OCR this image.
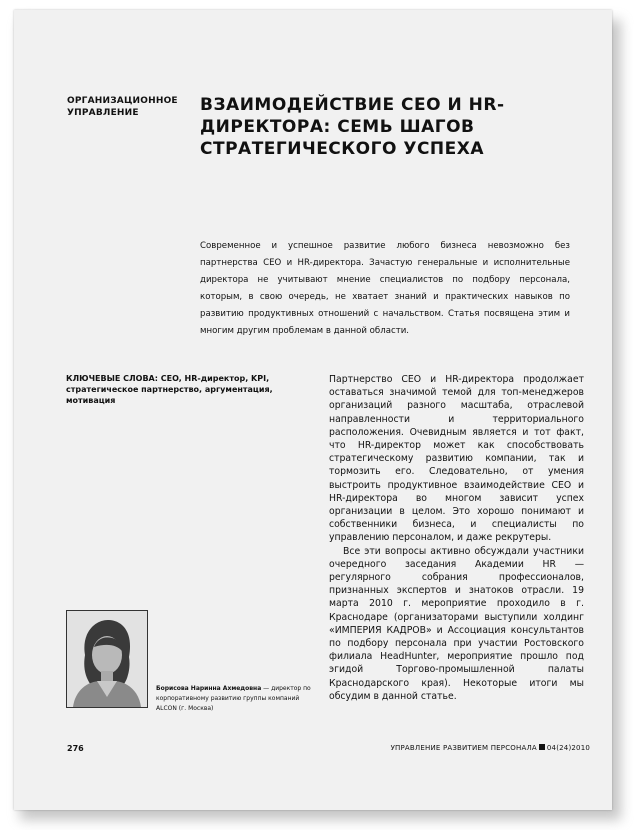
ОРГАНИЗАЦИОННОЕ УПРАВЛЕНИЕ	ВЗАИМОДЕЙСТВИЕ CEO И HR-ДИРЕКТОРА: СЕМЬ ШАГОВ СТРАТЕГИЧЕСКОГО УСПЕХА
Современное и успешное развитие любого бизнеса невозможно без партнерства CEO и HR-директора. Зачастую генеральные и исполнительные директора не учитывают мнение специалистов по подбору персонала, которым, в свою очередь, не хватает знаний и практических навыков по развитию продуктивных отношений с начальством. Статья посвящена этим и многим другим проблемам в данной области.
КЛЮЧЕВЫЕ СЛОВА: CEO, HR-директор, KPI, стратегическое партнерство, аргументация, мотивация

Партнерство CEO и HR-директора продолжает оставаться значимой темой для топ-менеджеров организаций разного масштаба, отраслевой направленности и территориального расположения. Очевидным является и тот факт, что HR-директор может как способствовать стратегическому развитию компании, так и тормозить его. Следовательно, от умения выстроить продуктивное взаимодействие CEO и HR-директора во многом зависит успех организации в целом. Это хорошо понимают и собственники бизнеса, и специалисты по управлению персоналом, и даже рекрутеры.

Все эти вопросы активно обсуждали участники очередного заседания Академии HR — регулярного собрания профессионалов, признанных экспертов и знатоков отрасли. 19 марта 2010 г. мероприятие проходило в г. Краснодаре (организаторами выступили холдинг «ИМПЕРИЯ КАДРОВ» и Ассоциация консультантов по подбору персонала при участии Ростовского филиала HeadHunter, мероприятие прошло под эгидой Торгово-промышленной палаты Краснодарского края). Некоторые итоги мы обсудим в данной статье.

Борисова Наринна Ахмедовна — директор по корпоративному развитию группы компаний ALCON (г. Москва)
276	УПРАВЛЕНИЕ РАЗВИТИЕМ ПЕРСОНАЛА 04(24)2010
